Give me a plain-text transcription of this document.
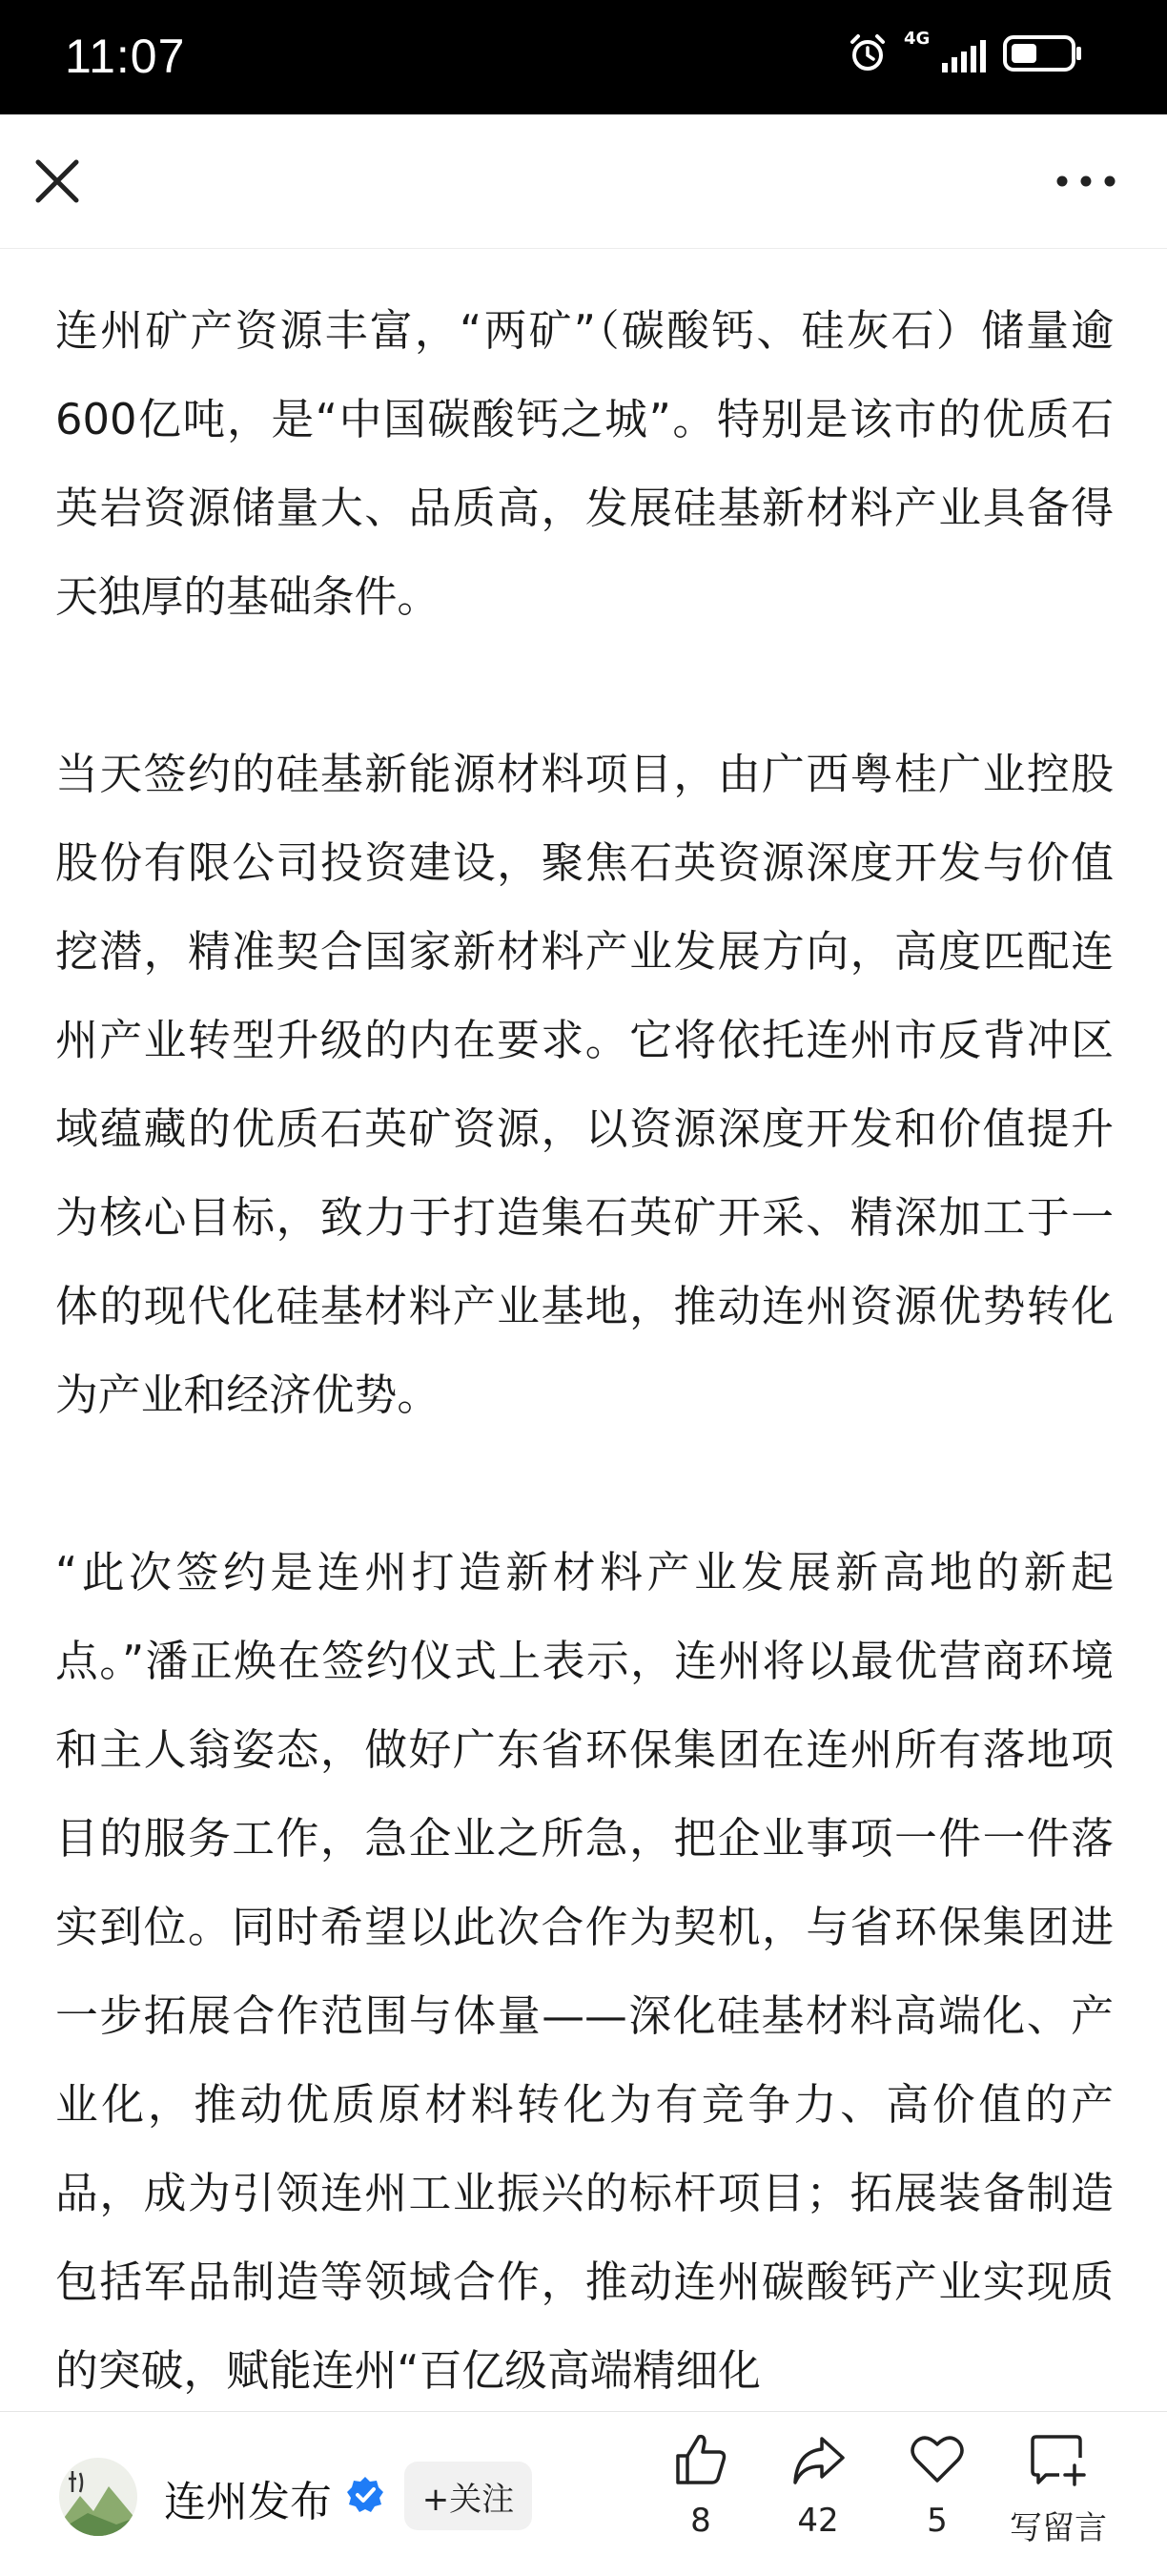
11:07	4G

连州矿产资源丰富，“两矿”（碳酸钙、硅灰石）储量逾600亿吨，是“中国碳酸钙之城”。特别是该市的优质石英岩资源储量大、品质高，发展硅基新材料产业具备得天独厚的基础条件。

当天签约的硅基新能源材料项目，由广西粤桂广业控股股份有限公司投资建设，聚焦石英资源深度开发与价值挖潜，精准契合国家新材料产业发展方向，高度匹配连州产业转型升级的内在要求。它将依托连州市反背冲区域蕴藏的优质石英矿资源，以资源深度开发和价值提升为核心目标，致力于打造集石英矿开采、精深加工于一体的现代化硅基材料产业基地，推动连州资源优势转化为产业和经济优势。

“此次签约是连州打造新材料产业发展新高地的新起点。”潘正焕在签约仪式上表示，连州将以最优营商环境和主人翁姿态，做好广东省环保集团在连州所有落地项目的服务工作，急企业之所急，把企业事项一件一件落实到位。同时希望以此次合作为契机，与省环保集团进一步拓展合作范围与体量——深化硅基材料高端化、产业化，推动优质原材料转化为有竞争力、高价值的产品，成为引领连州工业振兴的标杆项目；拓展装备制造包括军品制造等领域合作，推动连州碳酸钙产业实现质的突破，赋能连州“百亿级高端精细化

连州发布	+关注
8	42	5	写留言
